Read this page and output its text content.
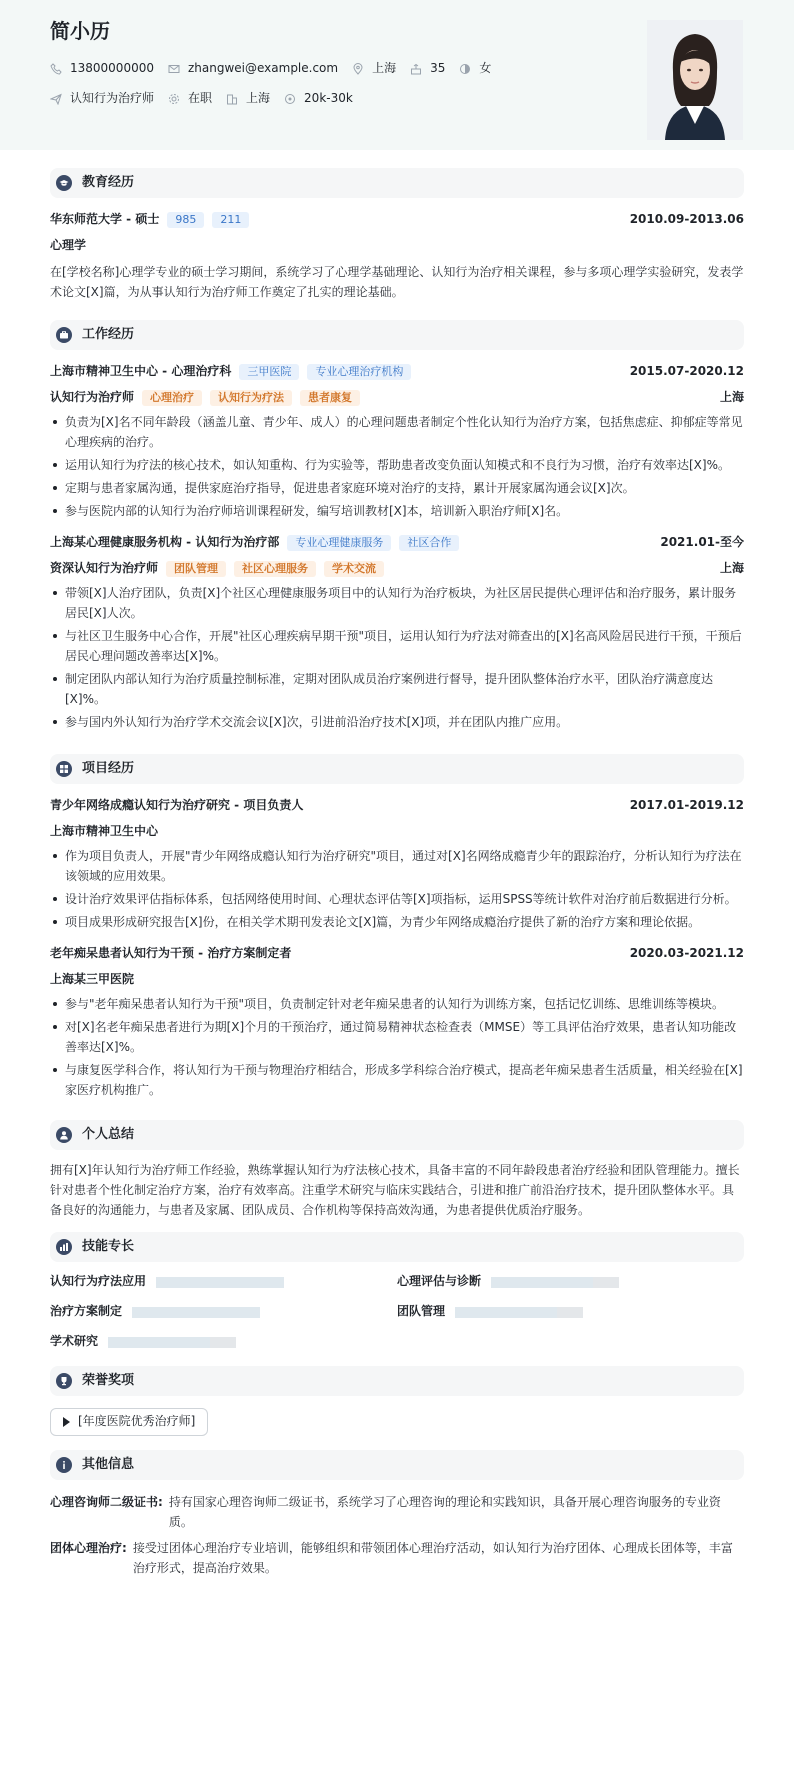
简小历
13800000000	zhangwei@example.com	上海	35	女
认知行为治疗师	在职	上海	20k-30k
教育经历
华东师范大学 - 硕士	985	211	2010.09-2013.06
心理学
在[学校名称]心理学专业的硕士学习期间，系统学习了心理学基础理论、认知行为治疗相关课程，参与多项心理学实验研究，发表学术论文[X]篇，为从事认知行为治疗师工作奠定了扎实的理论基础。
工作经历
上海市精神卫生中心 - 心理治疗科	三甲医院	专业心理治疗机构	2015.07-2020.12
认知行为治疗师	心理治疗	认知行为疗法	患者康复	上海
负责为[X]名不同年龄段（涵盖儿童、青少年、成人）的心理问题患者制定个性化认知行为治疗方案，包括焦虑症、抑郁症等常见心理疾病的治疗。
运用认知行为疗法的核心技术，如认知重构、行为实验等，帮助患者改变负面认知模式和不良行为习惯，治疗有效率达[X]%。
定期与患者家属沟通，提供家庭治疗指导，促进患者家庭环境对治疗的支持，累计开展家属沟通会议[X]次。
参与医院内部的认知行为治疗师培训课程研发，编写培训教材[X]本，培训新入职治疗师[X]名。
上海某心理健康服务机构 - 认知行为治疗部	专业心理健康服务	社区合作	2021.01-至今
资深认知行为治疗师	团队管理	社区心理服务	学术交流	上海
带领[X]人治疗团队，负责[X]个社区心理健康服务项目中的认知行为治疗板块，为社区居民提供心理评估和治疗服务，累计服务居民[X]人次。
与社区卫生服务中心合作，开展"社区心理疾病早期干预"项目，运用认知行为疗法对筛查出的[X]名高风险居民进行干预，干预后居民心理问题改善率达[X]%。
制定团队内部认知行为治疗质量控制标准，定期对团队成员治疗案例进行督导，提升团队整体治疗水平，团队治疗满意度达[X]%。
参与国内外认知行为治疗学术交流会议[X]次，引进前沿治疗技术[X]项，并在团队内推广应用。
项目经历
青少年网络成瘾认知行为治疗研究 - 项目负责人	2017.01-2019.12
上海市精神卫生中心
作为项目负责人，开展"青少年网络成瘾认知行为治疗研究"项目，通过对[X]名网络成瘾青少年的跟踪治疗，分析认知行为疗法在该领域的应用效果。
设计治疗效果评估指标体系，包括网络使用时间、心理状态评估等[X]项指标，运用SPSS等统计软件对治疗前后数据进行分析。
项目成果形成研究报告[X]份，在相关学术期刊发表论文[X]篇，为青少年网络成瘾治疗提供了新的治疗方案和理论依据。
老年痴呆患者认知行为干预 - 治疗方案制定者	2020.03-2021.12
上海某三甲医院
参与"老年痴呆患者认知行为干预"项目，负责制定针对老年痴呆患者的认知行为训练方案，包括记忆训练、思维训练等模块。
对[X]名老年痴呆患者进行为期[X]个月的干预治疗，通过简易精神状态检查表（MMSE）等工具评估治疗效果，患者认知功能改善率达[X]%。
与康复医学科合作，将认知行为干预与物理治疗相结合，形成多学科综合治疗模式，提高老年痴呆患者生活质量，相关经验在[X]家医疗机构推广。
个人总结
拥有[X]年认知行为治疗师工作经验，熟练掌握认知行为疗法核心技术，具备丰富的不同年龄段患者治疗经验和团队管理能力。擅长针对患者个性化制定治疗方案，治疗有效率高。注重学术研究与临床实践结合，引进和推广前沿治疗技术，提升团队整体水平。具备良好的沟通能力，与患者及家属、团队成员、合作机构等保持高效沟通，为患者提供优质治疗服务。
技能专长
认知行为疗法应用	心理评估与诊断
治疗方案制定	团队管理
学术研究
荣誉奖项
[年度医院优秀治疗师]
其他信息
心理咨询师二级证书: 持有国家心理咨询师二级证书，系统学习了心理咨询的理论和实践知识，具备开展心理咨询服务的专业资质。
团体心理治疗: 接受过团体心理治疗专业培训，能够组织和带领团体心理治疗活动，如认知行为治疗团体、心理成长团体等，丰富治疗形式，提高治疗效果。
